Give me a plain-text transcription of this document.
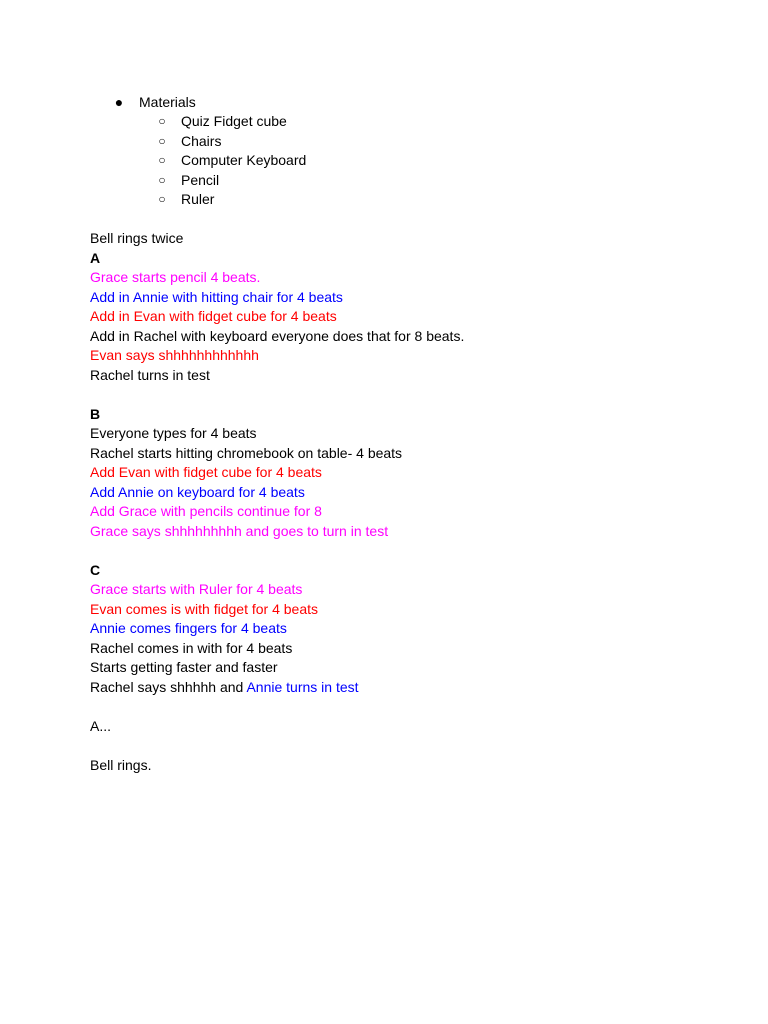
● Materials
○ Quiz Fidget cube
○ Chairs
○ Computer Keyboard
○ Pencil
○ Ruler
Bell rings twice
A
Grace starts pencil 4 beats.
Add in Annie with hitting chair for 4 beats
Add in Evan with fidget cube for 4 beats
Add in Rachel with keyboard everyone does that for 8 beats.
Evan says shhhhhhhhhhhh
Rachel turns in test
B
Everyone types for 4 beats
Rachel starts hitting chromebook on table- 4 beats
Add Evan with fidget cube for 4 beats
Add Annie on keyboard for 4 beats
Add Grace with pencils continue for 8
Grace says shhhhhhhhh and goes to turn in test
C
Grace starts with Ruler for 4 beats
Evan comes is with fidget for 4 beats
Annie comes fingers for 4 beats
Rachel comes in with for 4 beats
Starts getting faster and faster
Rachel says shhhhh and Annie turns in test
A...
Bell rings.
